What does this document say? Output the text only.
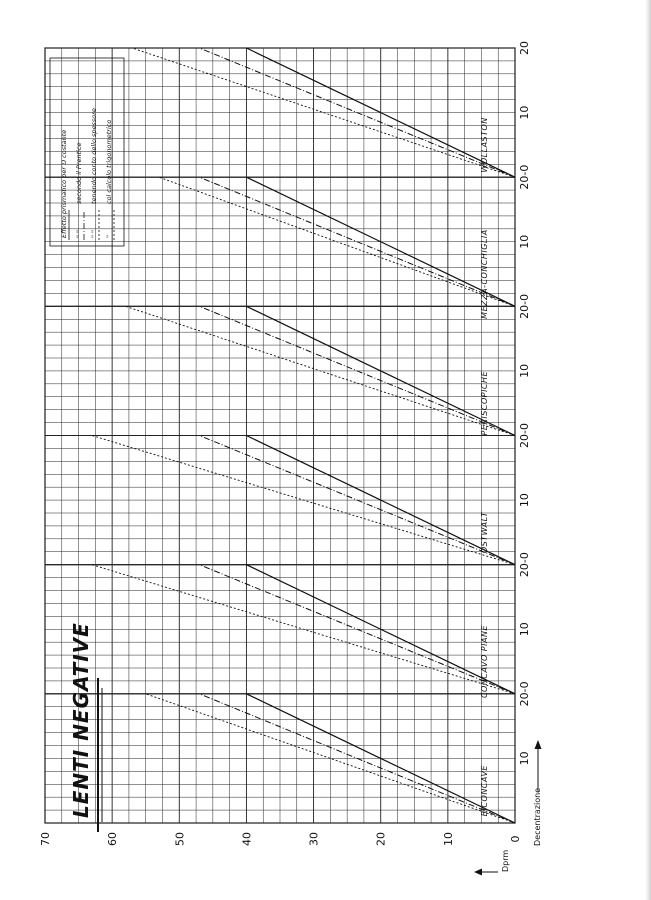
0
10
20
30
40
50
60
70
10
20-0
10
20-0
10
20-0
10
20-0
10
20-0
10
20
BICONCAVE
CONCAVO PIANE
OSTWALT
PERISCOPICHE
MEZZA-CONCHIGLIA
WOLLASTON
Effetto prismatico per D costante " "
secondo il Prentice
" "
tenendo conto dello spessore
"
col calcolo trigonometrico
LENTI NEGATIVE	Decentrazione
Dprm
